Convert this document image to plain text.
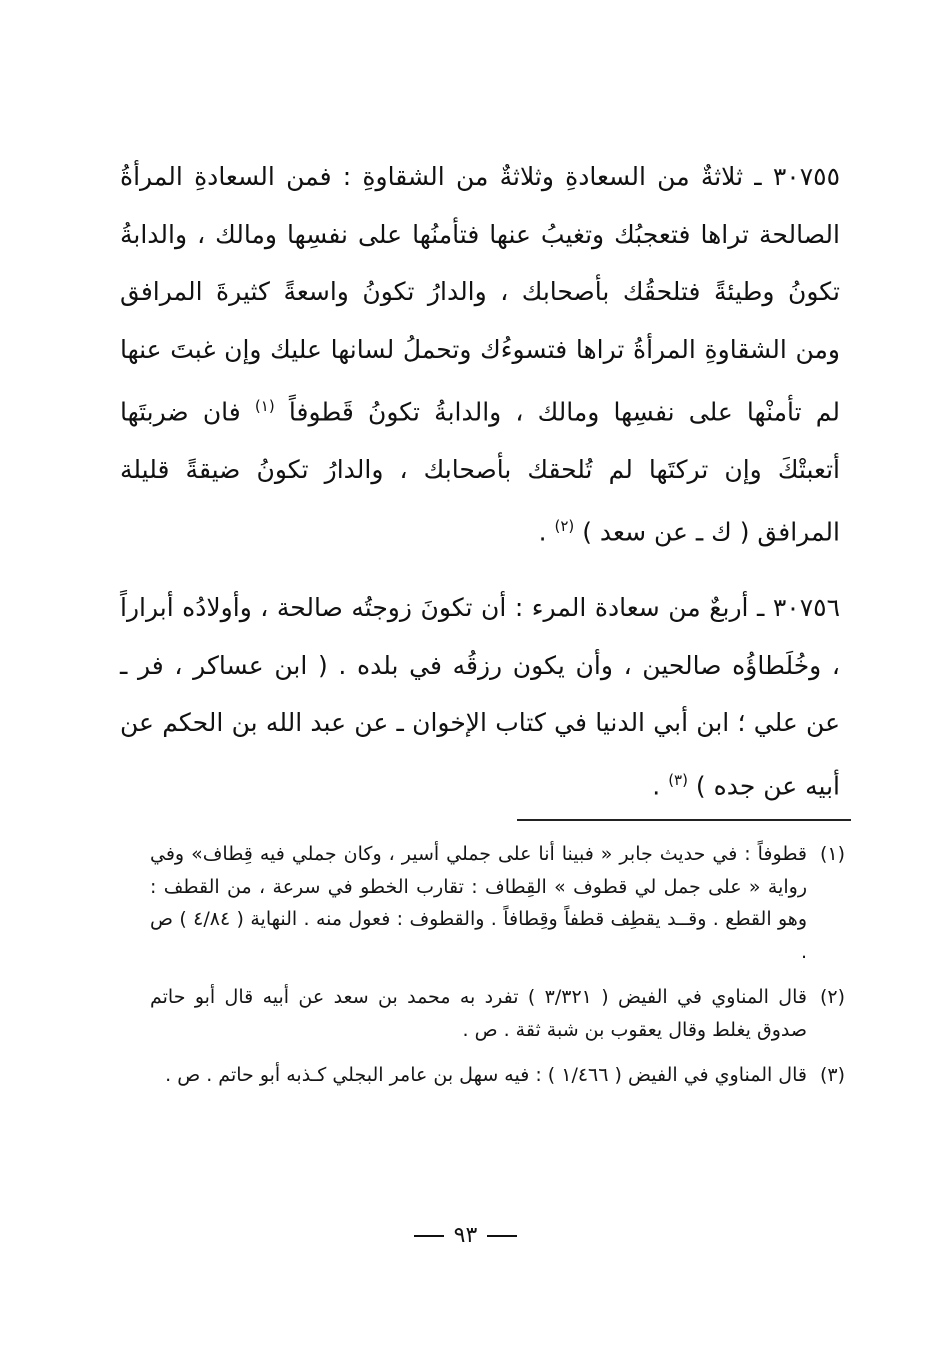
٣٠٧٥٥ ـ ثلاثةٌ من السعادةِ وثلاثةٌ من الشقاوةِ : فمن السعادةِ المرأةُ الصالحة تراها فتعجبُك وتغيبُ عنها فتأمنُها على نفسِها ومالك ، والدابةُ تكونُ وطيئةً فتلحقُك بأصحابك ، والدارُ تكونُ واسعةً كثيرةَ المرافق ومن الشقاوةِ المرأةُ تراها فتسوءُك وتحملُ لسانها عليك وإن غبتَ عنها لم تأمنْها على نفسِها ومالك ، والدابةُ تكونُ قَطوفاً $^{(١)}$ فان ضربتَها أتعبتْكَ وإن تركتَها لم تُلحقك بأصحابك ، والدارُ تكونُ ضيقةً قليلة المرافق ( ك ـ عن سعد ) $^{(٢)}$ .

٣٠٧٥٦ ـ أربعٌ من سعادة المرء : أن تكونَ زوجتُه صالحة ، وأولادُه أبراراً ، وخُلَطاؤُه صالحين ، وأن يكون رزقُه في بلده . ( ابن عساكر ، فر ـ عن علي ؛ ابن أبي الدنيا في كتاب الإخوان ـ عن عبد الله بن الحكم عن أبيه عن جده ) $^{(٣)}$ .

(١)
قطوفاً : في حديث جابر « فبينا أنا على جملي أسير ، وكان جملي فيه قِطاف» وفي رواية « على جمل لي قطوف » القِطاف : تقارب الخطو في سرعة ، من القطف : وهو القطع . وقــد يقطِف قطفاً وقِطافاً . والقطوف : فعول منه . النهاية ( ٤/٨٤ ) ص .

(٢)
قال المناوي في الفيض ( ٣/٣٢١ ) تفرد به محمد بن سعد عن أبيه قال أبو حاتم صدوق يغلط وقال يعقوب بن شبة ثقة . ص .

(٣)
قال المناوي في الفيض ( ١/٤٦٦ ) : فيه سهل بن عامر البجلي كـذبه أبو حاتم . ص .

٩٣
